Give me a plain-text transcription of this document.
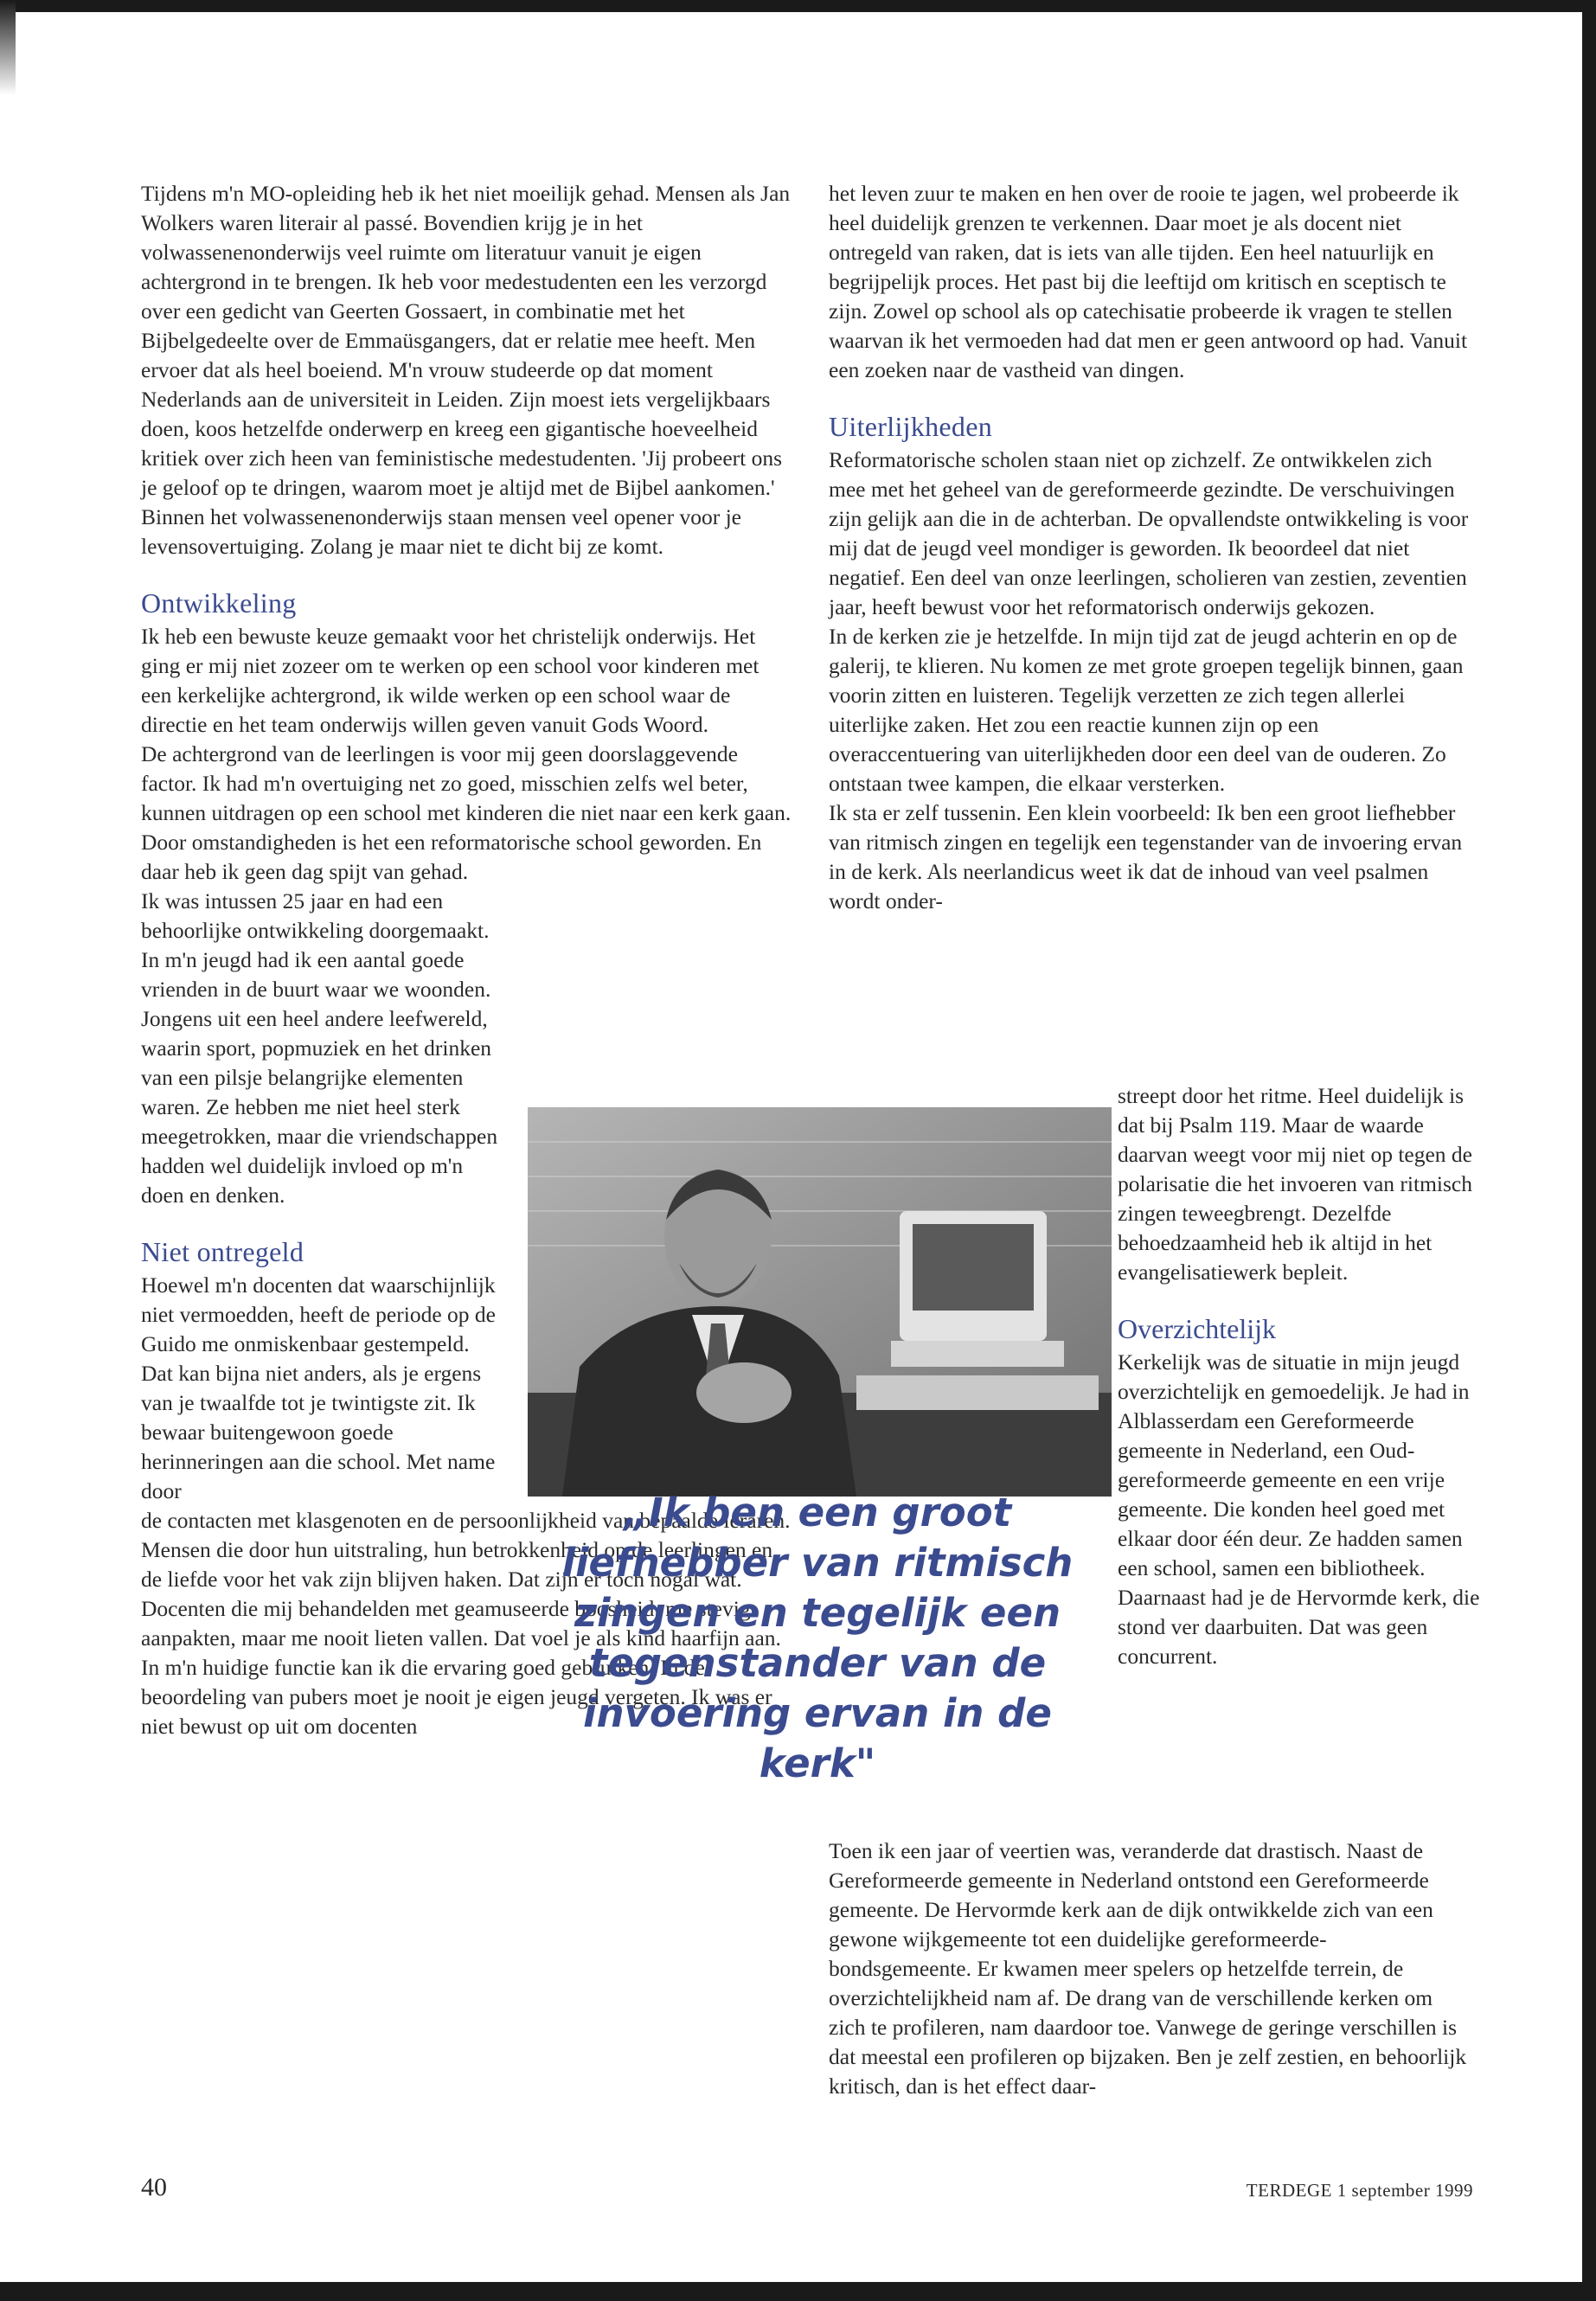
Tijdens m'n MO-opleiding heb ik het niet moeilijk gehad. Mensen als Jan Wolkers waren literair al passé. Bovendien krijg je in het volwassenenonderwijs veel ruimte om literatuur vanuit je eigen achtergrond in te brengen. Ik heb voor medestudenten een les verzorgd over een gedicht van Geerten Gossaert, in combinatie met het Bijbelgedeelte over de Emmaüsgangers, dat er relatie mee heeft. Men ervoer dat als heel boeiend. M'n vrouw studeerde op dat moment Nederlands aan de universiteit in Leiden. Zijn moest iets vergelijkbaars doen, koos hetzelfde onderwerp en kreeg een gigantische hoeveelheid kritiek over zich heen van feministische medestudenten. 'Jij probeert ons je geloof op te dringen, waarom moet je altijd met de Bijbel aankomen.' Binnen het volwassenenonderwijs staan mensen veel opener voor je levensovertuiging. Zolang je maar niet te dicht bij ze komt.

Ontwikkeling

Ik heb een bewuste keuze gemaakt voor het christelijk onderwijs. Het ging er mij niet zozeer om te werken op een school voor kinderen met een kerkelijke achtergrond, ik wilde werken op een school waar de directie en het team onderwijs willen geven vanuit Gods Woord.

De achtergrond van de leerlingen is voor mij geen doorslaggevende factor. Ik had m'n overtuiging net zo goed, misschien zelfs wel beter, kunnen uitdragen op een school met kinderen die niet naar een kerk gaan. Door omstandigheden is het een reformatorische school geworden. En daar heb ik geen dag spijt van gehad.

Ik was intussen 25 jaar en had een behoorlijke ontwikkeling doorgemaakt. In m'n jeugd had ik een aantal goede vrienden in de buurt waar we woonden. Jongens uit een heel andere leefwereld, waarin sport, popmuziek en het drinken van een pilsje belangrijke elementen waren. Ze hebben me niet heel sterk meegetrokken, maar die vriendschappen hadden wel duidelijk invloed op m'n doen en denken.

Niet ontregeld

Hoewel m'n docenten dat waarschijnlijk niet vermoedden, heeft de periode op de Guido me onmiskenbaar gestempeld. Dat kan bijna niet anders, als je ergens van je twaalfde tot je twintigste zit. Ik bewaar buitengewoon goede herinneringen aan die school. Met name door

de contacten met klasgenoten en de persoonlijkheid van bepaalde leraren. Mensen die door hun uitstraling, hun betrokkenheid op de leerlingen en de liefde voor het vak zijn blijven haken. Dat zijn er toch nogal wat. Docenten die mij behandelden met geamuseerde boosheid, me stevig aanpakten, maar me nooit lieten vallen. Dat voel je als kind haarfijn aan.

In m'n huidige functie kan ik die ervaring goed gebruiken. In de beoordeling van pubers moet je nooit je eigen jeugd vergeten. Ik was er niet bewust op uit om docenten

het leven zuur te maken en hen over de rooie te jagen, wel probeerde ik heel duidelijk grenzen te verkennen. Daar moet je als docent niet ontregeld van raken, dat is iets van alle tijden. Een heel natuurlijk en begrijpelijk proces. Het past bij die leeftijd om kritisch en sceptisch te zijn. Zowel op school als op catechisatie probeerde ik vragen te stellen waarvan ik het vermoeden had dat men er geen antwoord op had. Vanuit een zoeken naar de vastheid van dingen.

Uiterlijkheden

Reformatorische scholen staan niet op zichzelf. Ze ontwikkelen zich mee met het geheel van de gereformeerde gezindte. De verschuivingen zijn gelijk aan die in de achterban. De opvallendste ontwikkeling is voor mij dat de jeugd veel mondiger is geworden. Ik beoordeel dat niet negatief. Een deel van onze leerlingen, scholieren van zestien, zeventien jaar, heeft bewust voor het reformatorisch onderwijs gekozen.

In de kerken zie je hetzelfde. In mijn tijd zat de jeugd achterin en op de galerij, te klieren. Nu komen ze met grote groepen tegelijk binnen, gaan voorin zitten en luisteren. Tegelijk verzetten ze zich tegen allerlei uiterlijke zaken. Het zou een reactie kunnen zijn op een overaccentuering van uiterlijkheden door een deel van de ouderen. Zo ontstaan twee kampen, die elkaar versterken.

Ik sta er zelf tussenin. Een klein voorbeeld: Ik ben een groot liefhebber van ritmisch zingen en tegelijk een tegenstander van de invoering ervan in de kerk. Als neerlandicus weet ik dat de inhoud van veel psalmen wordt onder-

streept door het ritme. Heel duidelijk is dat bij Psalm 119. Maar de waarde daarvan weegt voor mij niet op tegen de polarisatie die het invoeren van ritmisch zingen teweegbrengt. Dezelfde behoedzaamheid heb ik altijd in het evangelisatiewerk bepleit.

Overzichtelijk

Kerkelijk was de situatie in mijn jeugd overzichtelijk en gemoedelijk. Je had in Alblasserdam een Gereformeerde gemeente in Nederland, een Oud-gereformeerde gemeente en een vrije gemeente. Die konden heel goed met elkaar door één deur. Ze hadden samen een school, samen een bibliotheek. Daarnaast had je de Hervormde kerk, die stond ver daarbuiten. Dat was geen concurrent.

Toen ik een jaar of veertien was, veranderde dat drastisch. Naast de Gereformeerde gemeente in Nederland ontstond een Gereformeerde gemeente. De Hervormde kerk aan de dijk ontwikkelde zich van een gewone wijkgemeente tot een duidelijke gereformeerde-bondsgemeente. Er kwamen meer spelers op hetzelfde terrein, de overzichtelijkheid nam af. De drang van de verschillende kerken om zich te profileren, nam daardoor toe. Vanwege de geringe verschillen is dat meestal een profileren op bijzaken. Ben je zelf zestien, en behoorlijk kritisch, dan is het effect daar-

„Ik ben een groot liefhebber van ritmisch zingen en tegelijk een tegenstander van de invoering ervan in de kerk"
40	TERDEGE 1 september 1999
